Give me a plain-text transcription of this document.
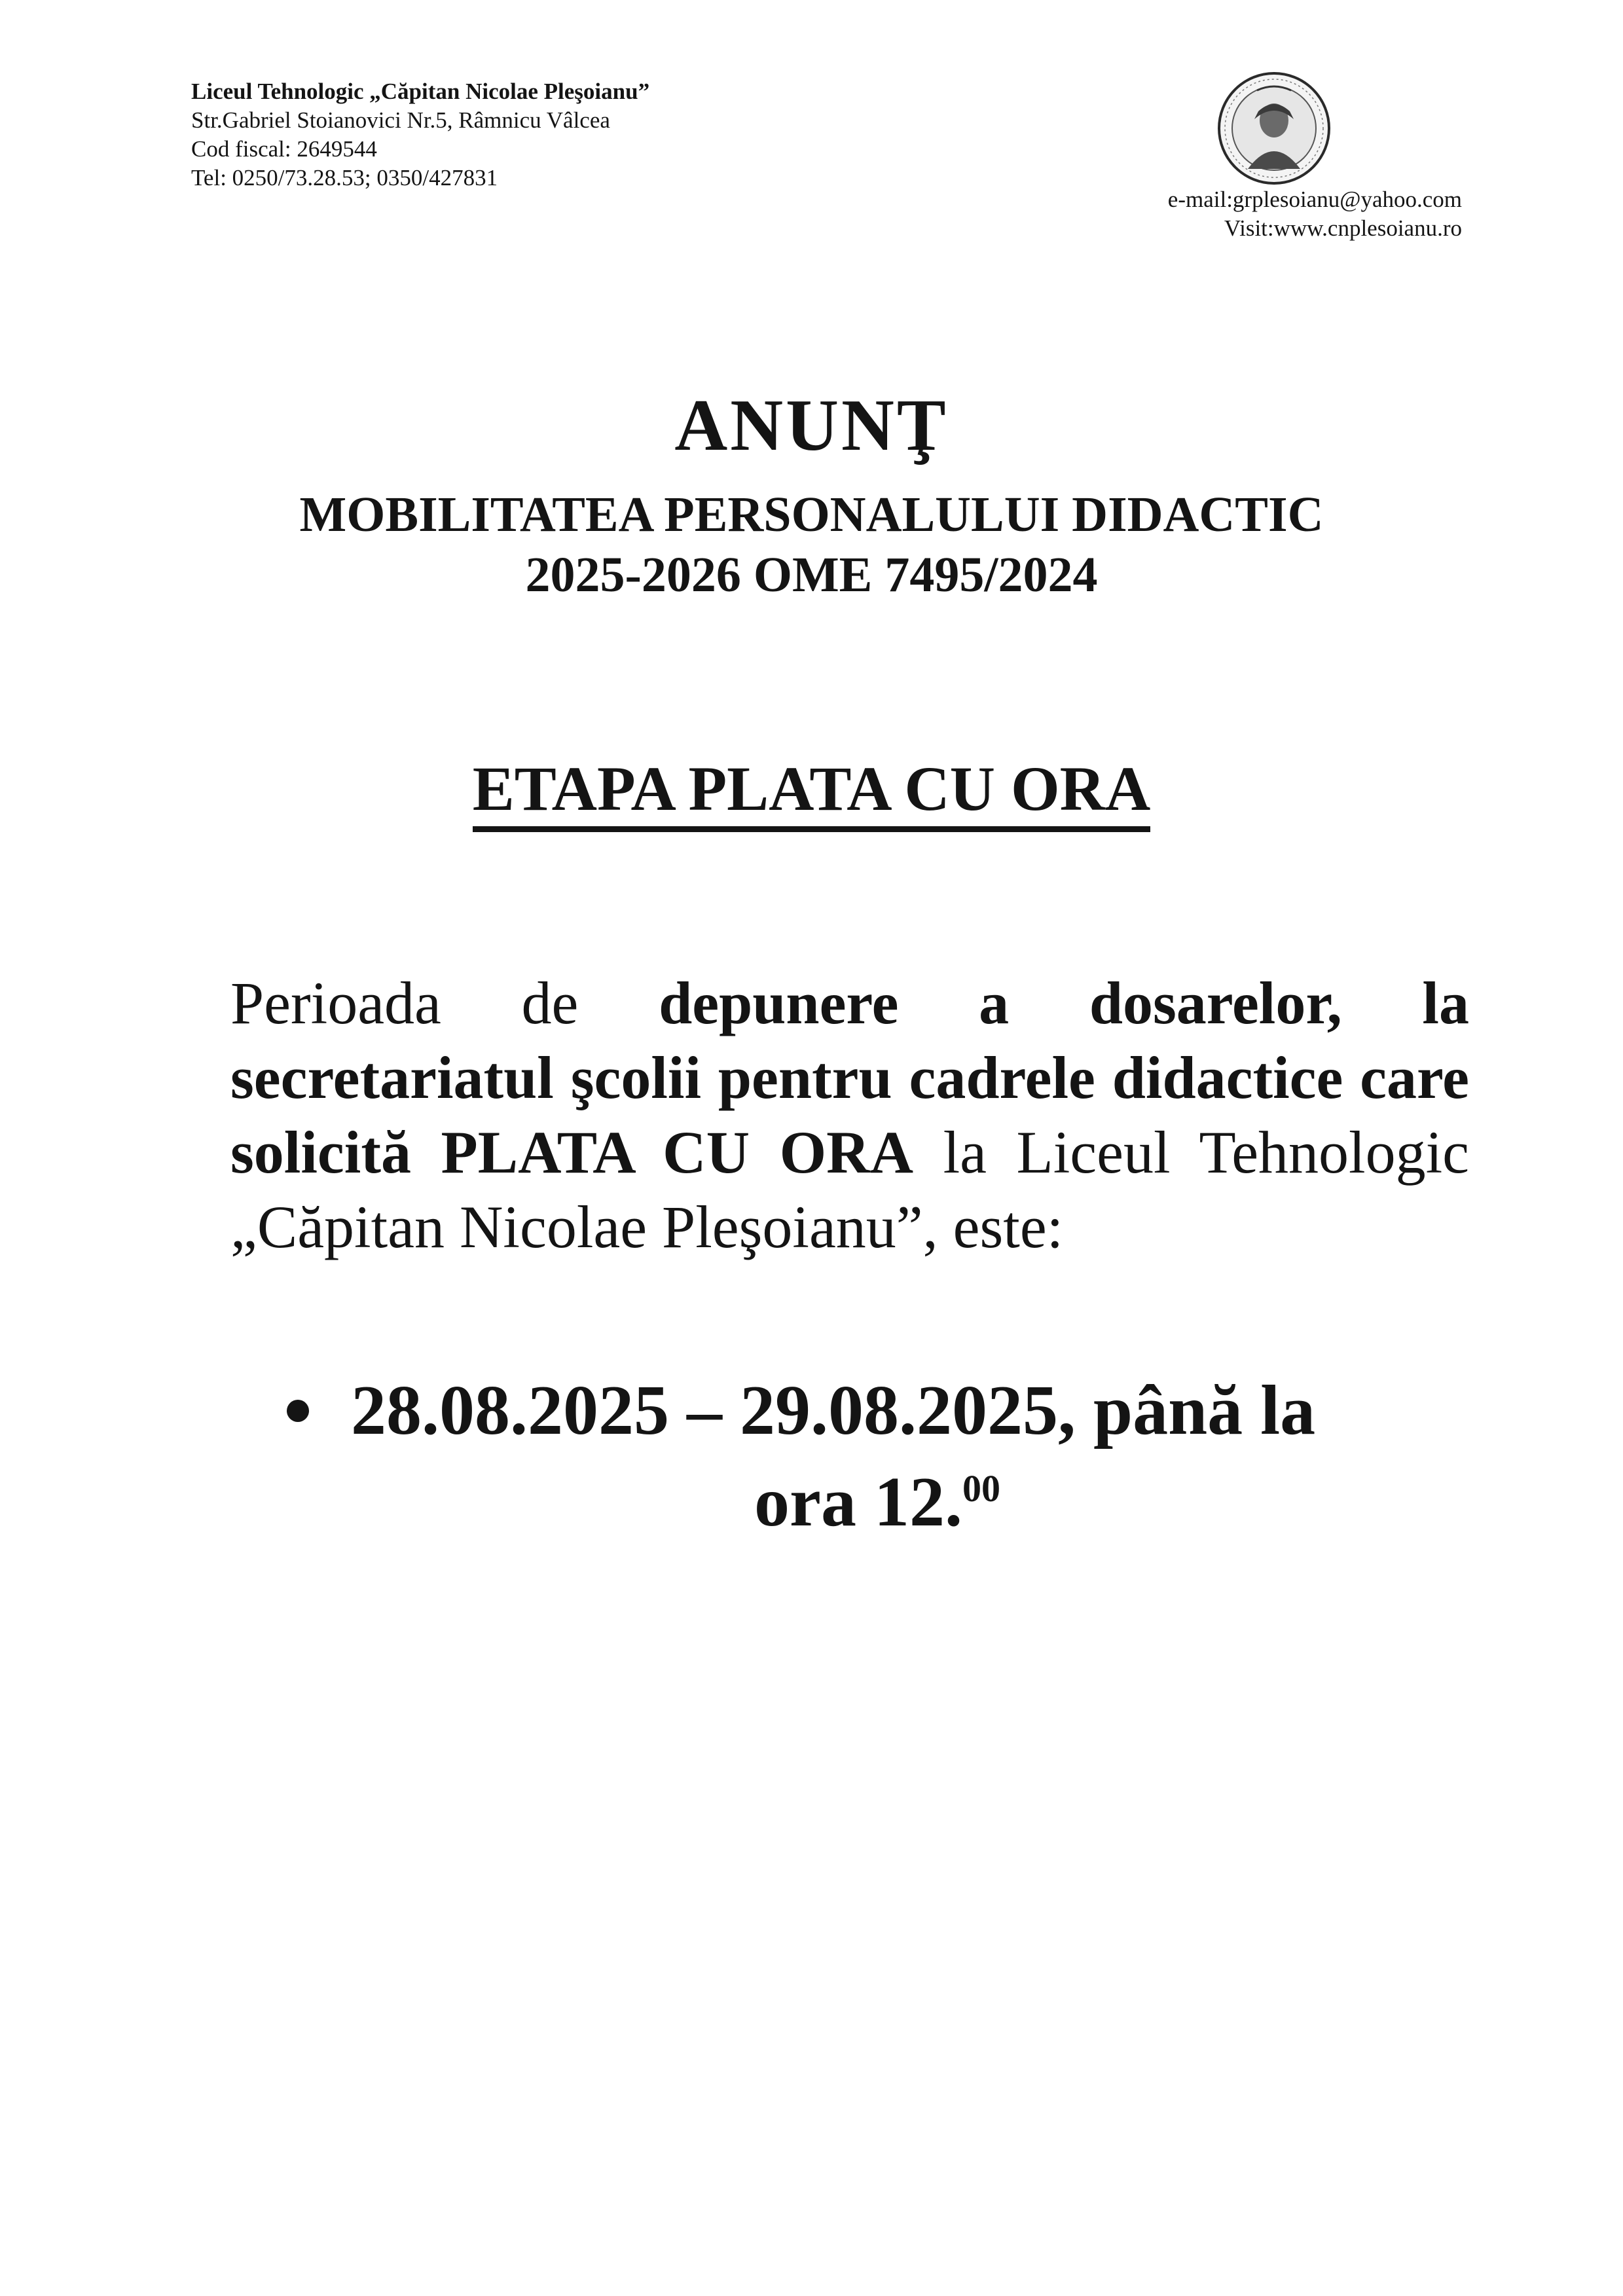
Liceul Tehnologic „Căpitan Nicolae Pleşoianu”
Str.Gabriel Stoianovici Nr.5, Râmnicu Vâlcea
Cod fiscal: 2649544
Tel: 0250/73.28.53; 0350/427831
e-mail:grplesoianu@yahoo.com
Visit:www.cnplesoianu.ro
ANUNŢ
MOBILITATEA PERSONALULUI DIDACTIC
2025-2026 OME 7495/2024
ETAPA PLATA CU ORA
Perioada de depunere a dosarelor, la secretariatul şcolii pentru cadrele didactice care solicită PLATA CU ORA la Liceul Tehnologic „Căpitan Nicolae Pleşoianu”, este:
28.08.2025 – 29.08.2025, până la
ora 12.00
